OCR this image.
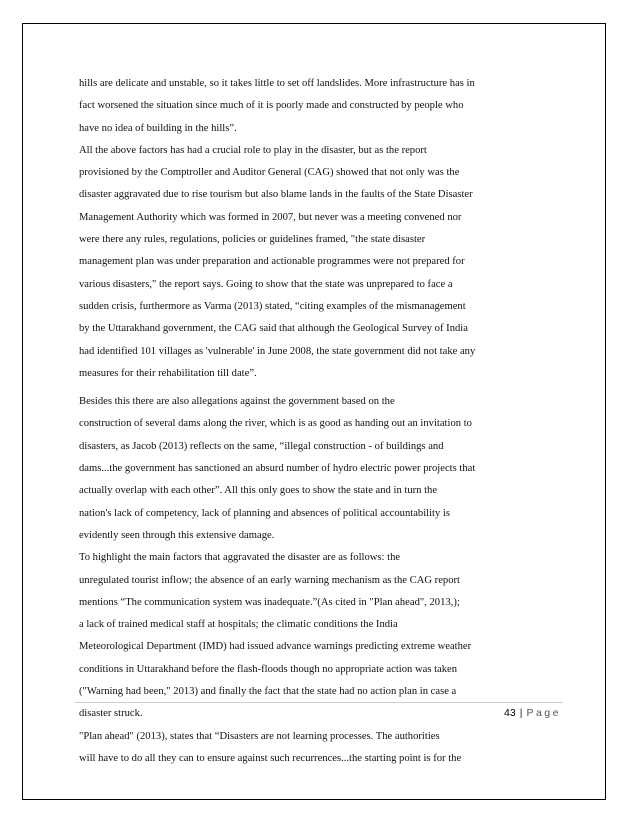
hills are delicate and unstable, so it takes little to set off landslides. More infrastructure has in
fact worsened the situation since much of it is poorly made and constructed by people who
have no idea of building in the hills”.
All the above factors has had a crucial role to play in the disaster, but as the report
provisioned by the Comptroller and Auditor General (CAG) showed that not only was the
disaster aggravated due to rise tourism but also blame lands in the faults of the State Disaster
Management Authority which was formed in 2007, but never was a meeting convened nor
were there any rules, regulations, policies or guidelines framed, "the state disaster
management plan was under preparation and actionable programmes were not prepared for
various disasters," the report says. Going to show that the state was unprepared to face a
sudden crisis, furthermore as Varma (2013) stated, “citing examples of the mismanagement
by the Uttarakhand government, the CAG said that although the Geological Survey of India
had identified 101 villages as 'vulnerable' in June 2008, the state government did not take any
measures for their rehabilitation till date”.
Besides this there are also allegations against the government based on the
construction of several dams along the river, which is as good as handing out an invitation to
disasters, as Jacob (2013) reflects on the same, “illegal construction - of buildings and
dams...the government has sanctioned an absurd number of hydro electric power projects that
actually overlap with each other”. All this only goes to show the state and in turn the
nation's lack of competency, lack of planning and absences of political accountability is
evidently seen through this extensive damage.
To highlight the main factors that aggravated the disaster are as follows: the
unregulated tourist inflow; the absence of an early warning mechanism as the CAG report
mentions “The communication system was inadequate.”(As cited in "Plan ahead", 2013,);
a lack of trained medical staff at hospitals; the climatic conditions the India
Meteorological Department (IMD) had issued advance warnings predicting extreme weather
conditions in Uttarakhand before the flash-floods though no appropriate action was taken
("Warning had been," 2013) and finally the fact that the state had no action plan in case a
disaster struck.
"Plan ahead" (2013), states that “Disasters are not learning processes. The authorities
will have to do all they can to ensure against such recurrences...the starting point is for the
43 | Page
